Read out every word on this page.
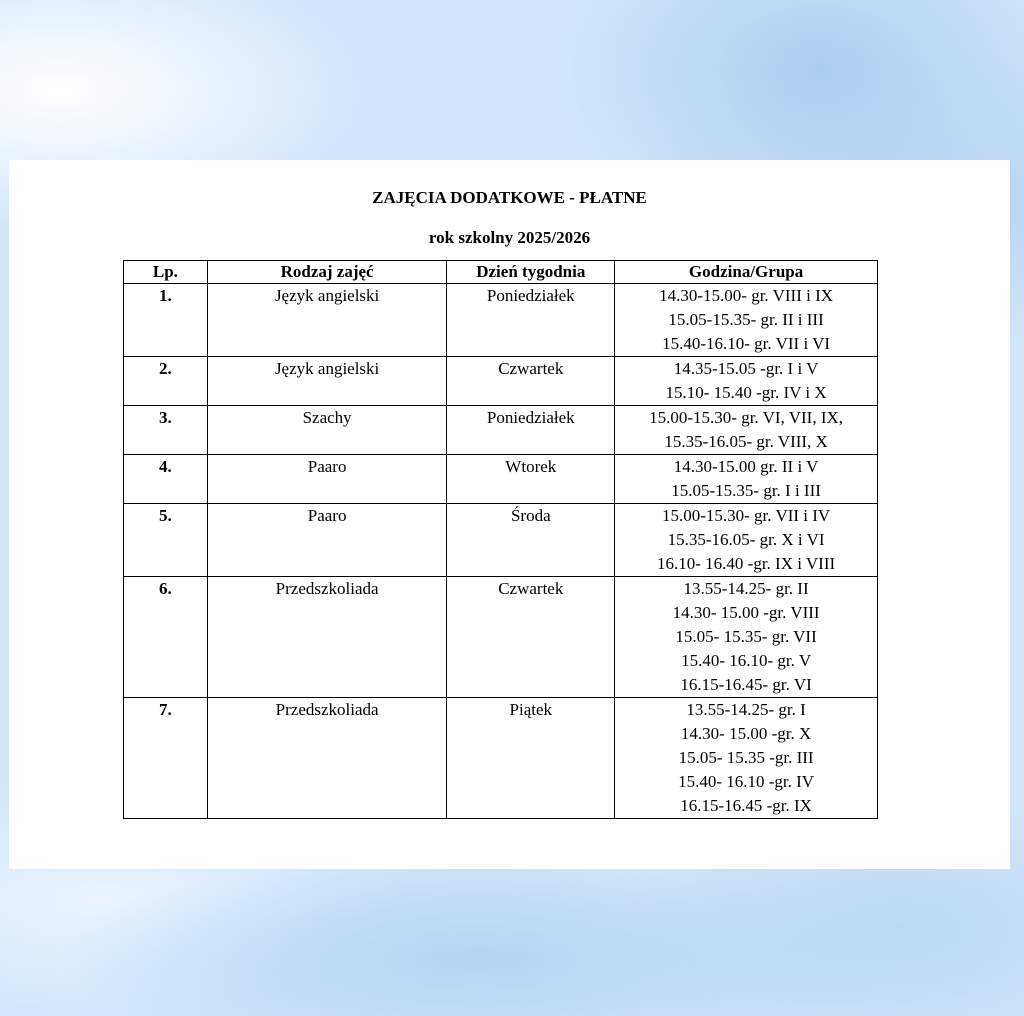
ZAJĘCIA DODATKOWE - PŁATNE
rok szkolny 2025/2026
Lp.	Rodzaj zajęć	Dzień tygodnia	Godzina/Grupa
1.	Język angielski	Poniedziałek	14.30-15.00- gr. VIII i IX
15.05-15.35- gr. II i III
15.40-16.10- gr. VII i VI

2.	Język angielski	Czwartek	14.35-15.05 -gr. I i V
15.10- 15.40 -gr. IV i X

3.	Szachy	Poniedziałek	15.00-15.30- gr. VI, VII, IX,
15.35-16.05- gr. VIII, X

4.	Paaro	Wtorek	14.30-15.00 gr. II i V
15.05-15.35- gr. I i III

5.	Paaro	Środa	15.00-15.30- gr. VII i IV
15.35-16.05- gr. X i VI
16.10- 16.40 -gr. IX i VIII

6.	Przedszkoliada	Czwartek	13.55-14.25- gr. II
14.30- 15.00 -gr. VIII
15.05- 15.35- gr. VII
15.40- 16.10- gr. V
16.15-16.45- gr. VI

7.	Przedszkoliada	Piątek	13.55-14.25- gr. I
14.30- 15.00 -gr. X
15.05- 15.35 -gr. III
15.40- 16.10 -gr. IV
16.15-16.45 -gr. IX
